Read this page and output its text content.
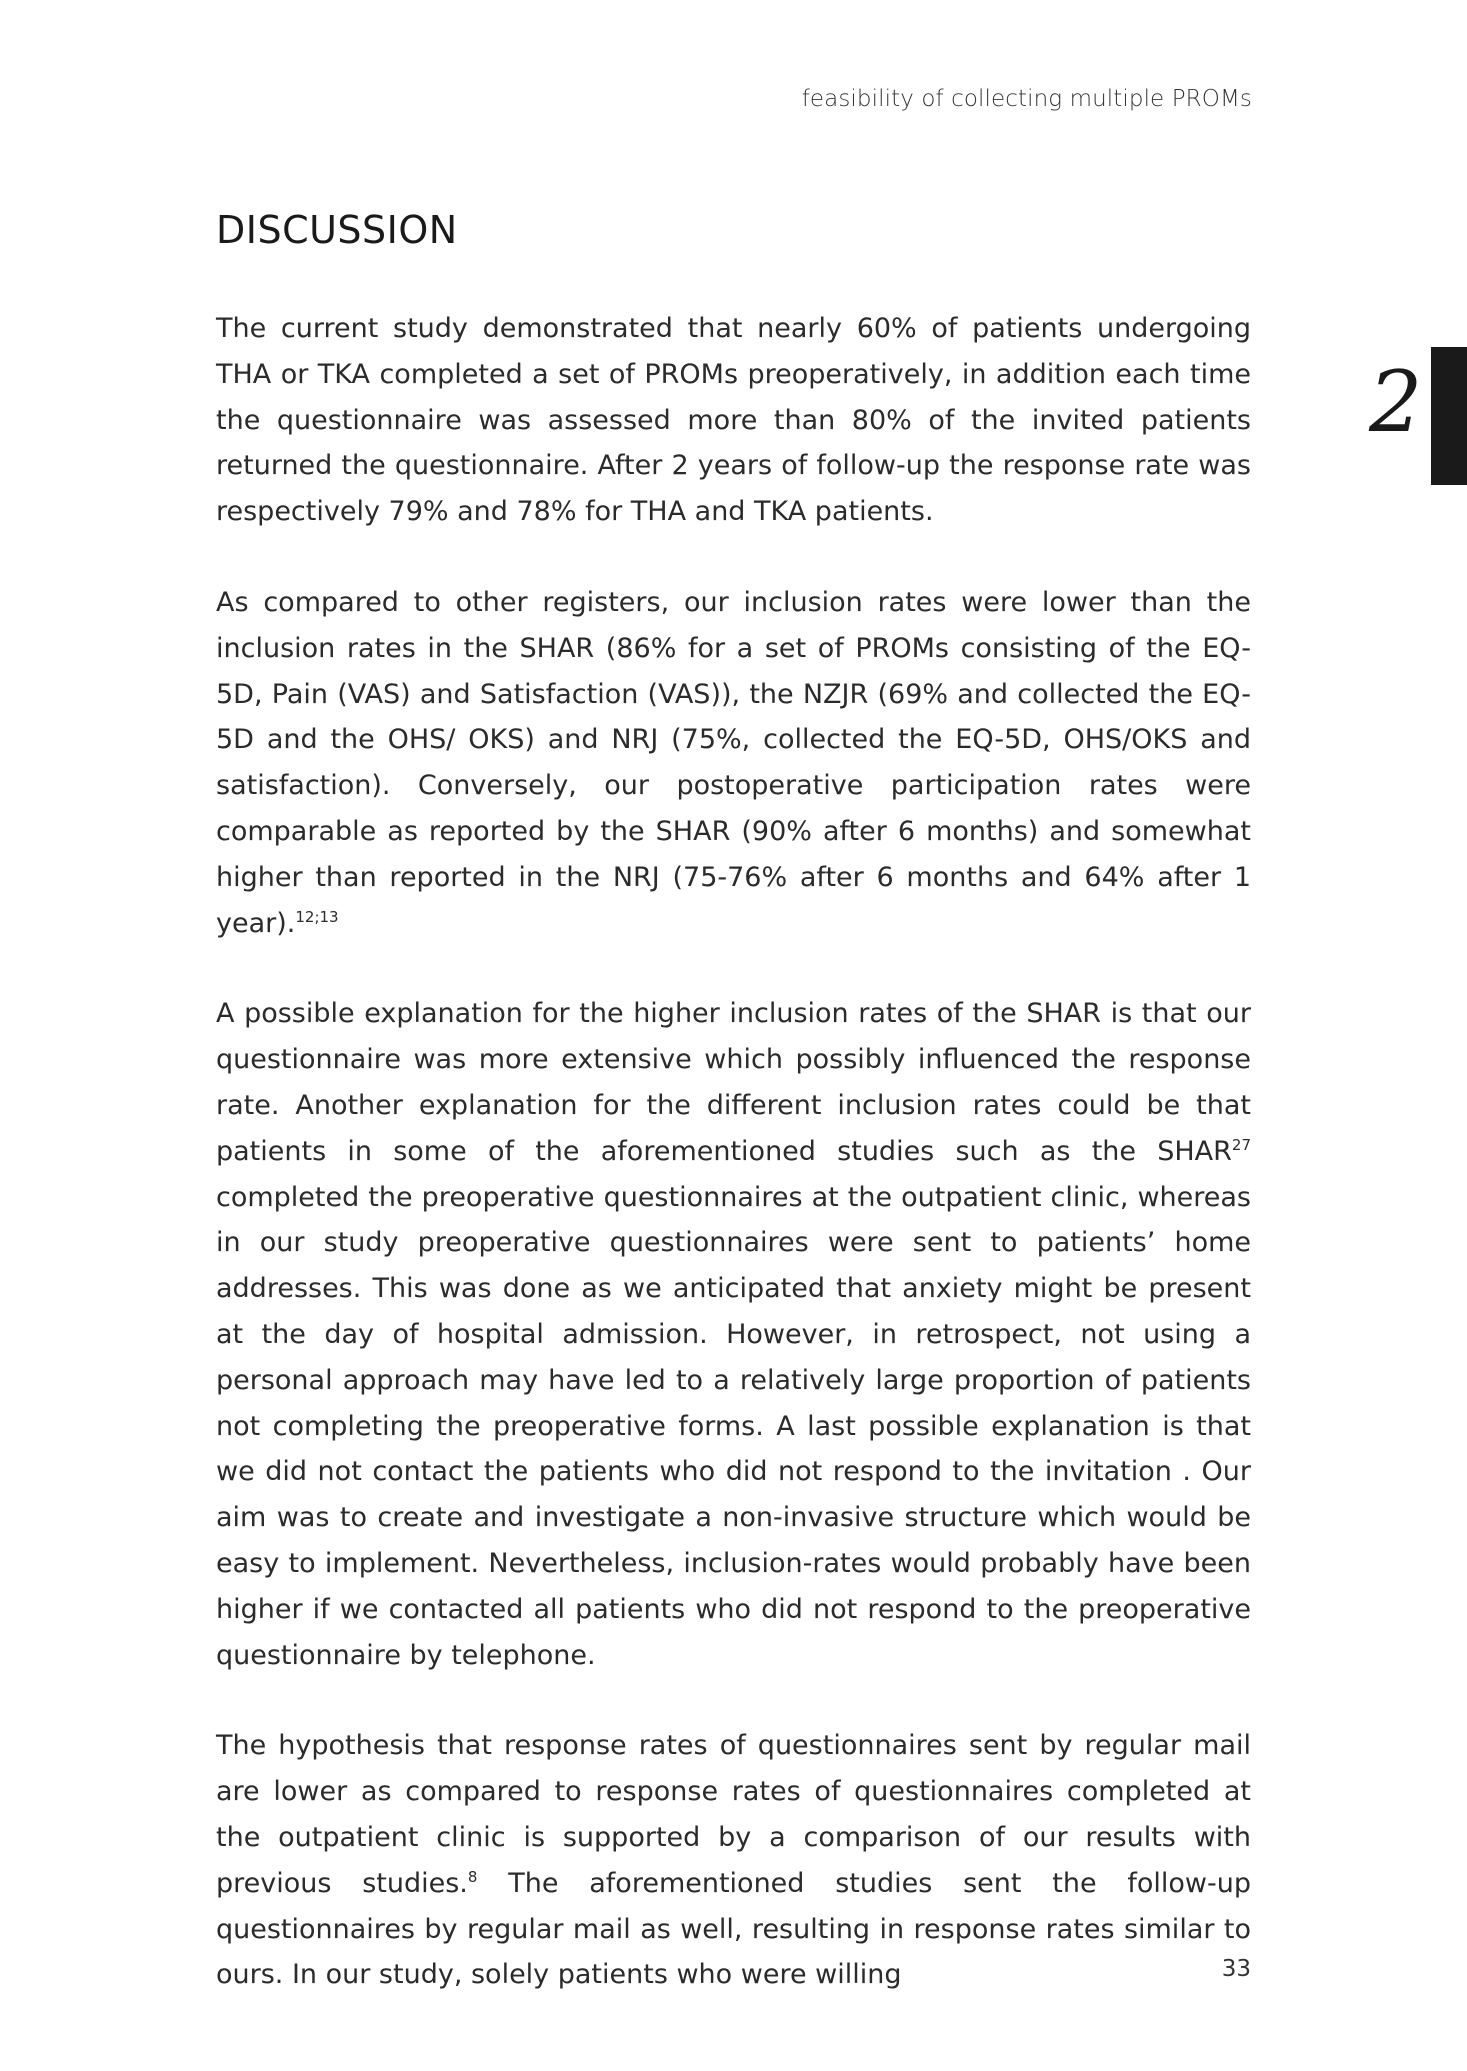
feasibility of collecting multiple PROMs
2
DISCUSSION

The current study demonstrated that nearly 60% of patients undergoing THA or TKA completed a set of PROMs preoperatively, in addition each time the questionnaire was assessed more than 80% of the invited patients returned the questionnaire. After 2 years of follow-up the response rate was respectively 79% and 78% for THA and TKA patients.

As compared to other registers, our inclusion rates were lower than the inclusion rates in the SHAR (86% for a set of PROMs consisting of the EQ-5D, Pain (VAS) and Satisfaction (VAS)), the NZJR (69% and collected the EQ-5D and the OHS/ OKS) and NRJ (75%, collected the EQ-5D, OHS/OKS and satisfaction). Conversely, our postoperative participation rates were comparable as reported by the SHAR (90% after 6 months) and somewhat higher than reported in the NRJ (75-76% after 6 months and 64% after 1 year).$^{12;13}$

A possible explanation for the higher inclusion rates of the SHAR is that our questionnaire was more extensive which possibly influenced the response rate. Another explanation for the different inclusion rates could be that patients in some of the aforementioned studies such as the SHAR$^{27}$ completed the preoperative questionnaires at the outpatient clinic, whereas in our study preoperative questionnaires were sent to patients’ home addresses. This was done as we anticipated that anxiety might be present at the day of hospital admission. However, in retrospect, not using a personal approach may have led to a relatively large proportion of patients not completing the preoperative forms. A last possible explanation is that we did not contact the patients who did not respond to the invitation . Our aim was to create and investigate a non-invasive structure which would be easy to implement. Nevertheless, inclusion-rates would probably have been higher if we contacted all patients who did not respond to the preoperative questionnaire by telephone.

The hypothesis that response rates of questionnaires sent by regular mail are lower as compared to response rates of questionnaires completed at the outpatient clinic is supported by a comparison of our results with previous studies.$^8$ The aforementioned studies sent the follow-up questionnaires by regular mail as well, resulting in response rates similar to ours. In our study, solely patients who were willing	33
